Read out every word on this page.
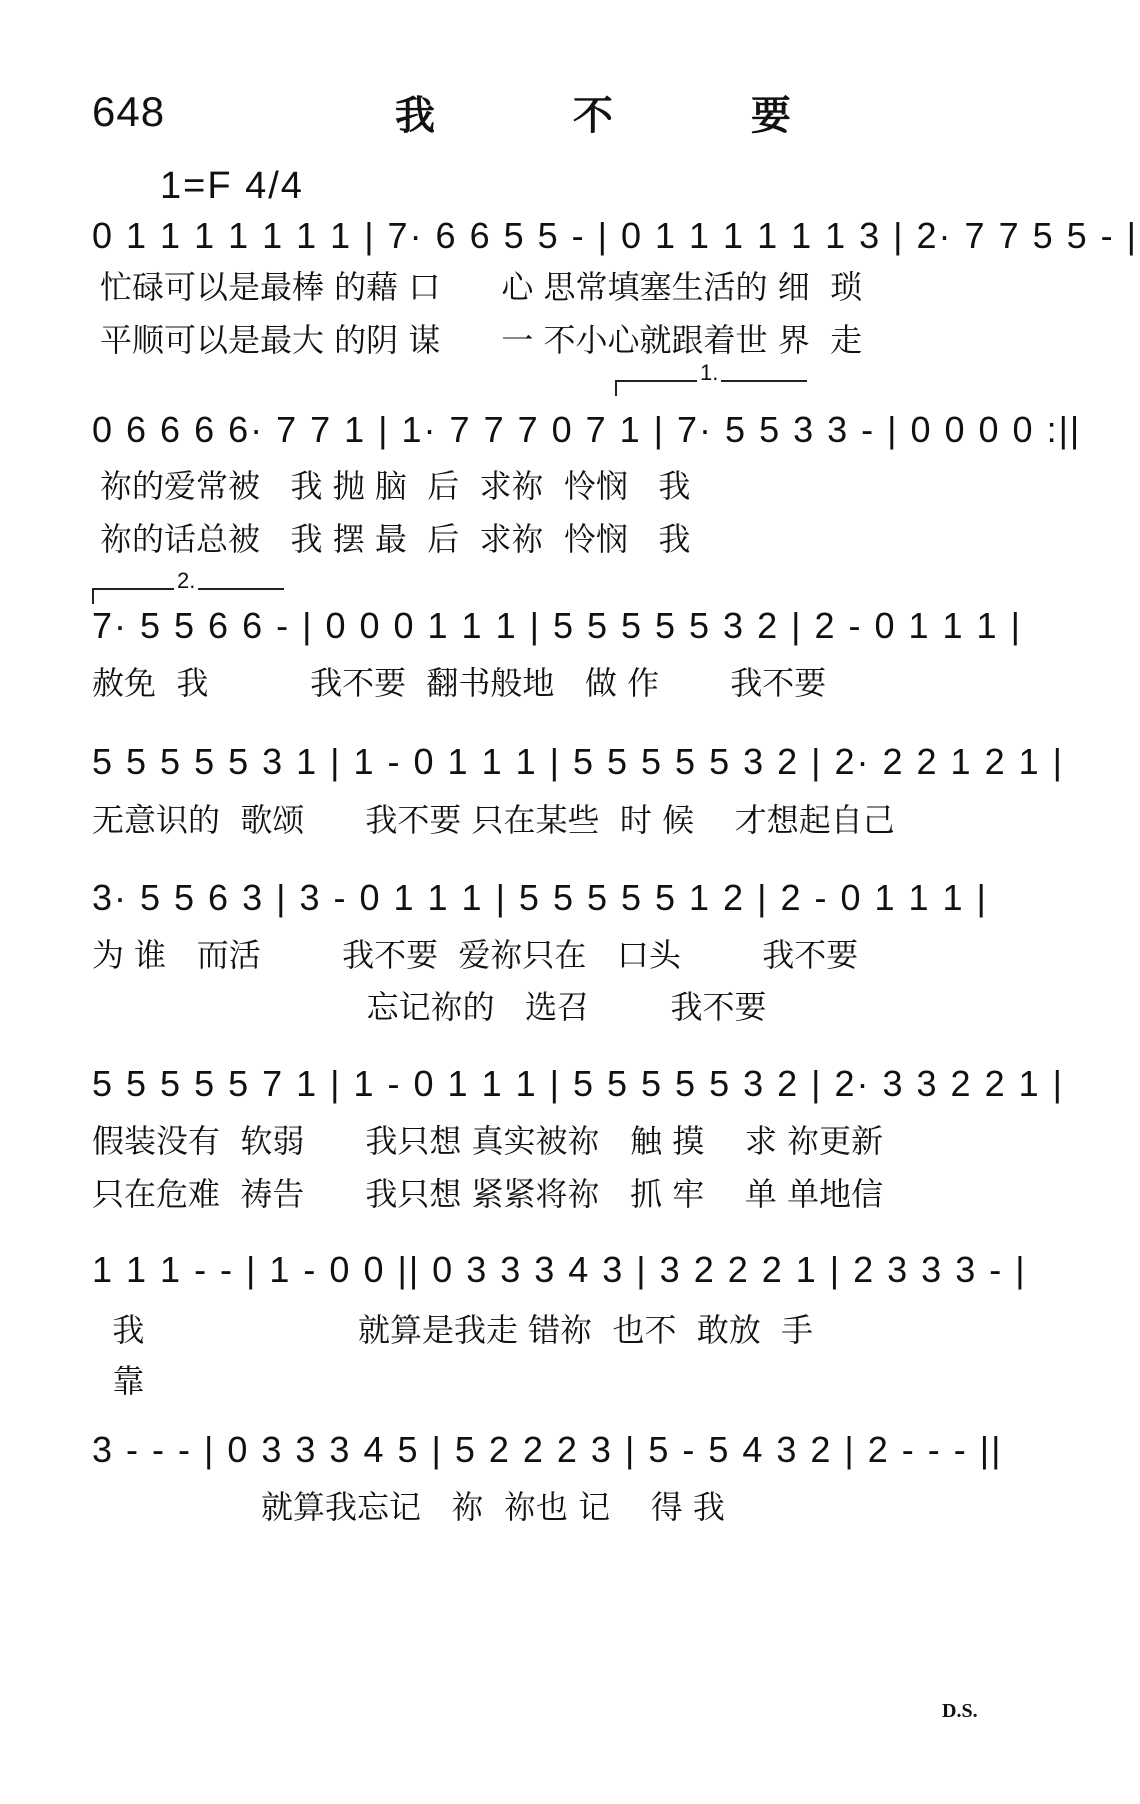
648	我 不 要
1=F 4/4
0 1 1 1 1 1 1 1 | 7· 6 6 5 5 - | 0 1 1 1 1 1 1 3 | 2· 7 7 5 5 - |
忙碌可以是最棒 的藉 口      心 思常填塞生活的 细  琐
平顺可以是最大 的阴 谋      一 不小心就跟着世 界  走
1.
0 6 6 6 6· 7 7 1 | 1· 7 7 7 0 7 1 | 7· 5 5 3 3 - | 0 0 0 0 :||
祢的爱常被   我 抛 脑  后  求祢  怜悯   我
祢的话总被   我 摆 最  后  求祢  怜悯   我
2.
7· 5 5 6 6 - | 0 0 0 1 1 1 | 5 5 5 5 5 3 2 | 2 - 0 1 1 1 |
赦免  我          我不要  翻书般地   做 作       我不要
5 5 5 5 5 3 1 | 1 - 0 1 1 1 | 5 5 5 5 5 3 2 | 2· 2 2 1 2 1 |
无意识的  歌颂      我不要 只在某些  时 候    才想起自己
3· 5 5 6 3 | 3 - 0 1 1 1 | 5 5 5 5 5 1 2 | 2 - 0 1 1 1 |
为 谁   而活        我不要  爱祢只在   口头        我不要
忘记祢的   选召        我不要
5 5 5 5 5 7 1 | 1 - 0 1 1 1 | 5 5 5 5 5 3 2 | 2· 3 3 2 2 1 |
假装没有  软弱      我只想 真实被祢   触 摸    求 祢更新
只在危难  祷告      我只想 紧紧将祢   抓 牢    单 单地信
1 1 1 - - | 1 - 0 0 || 0 3 3 3 4 3 | 3 2 2 2 1 | 2 3 3 3 - |
我                     就算是我走 错祢  也不  敢放  手
靠
3 - - - | 0 3 3 3 4 5 | 5 2 2 2 3 | 5 - 5 4 3 2 | 2 - - - ||
就算我忘记   祢  祢也 记    得 我
D.S.
